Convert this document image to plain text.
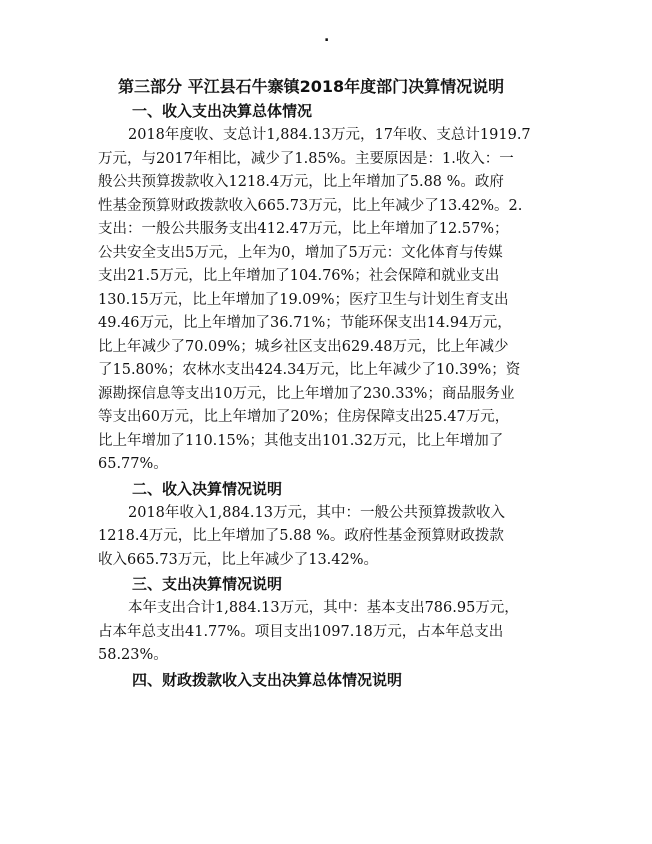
.
第三部分 平江县石牛寨镇2018年度部门决算情况说明
一、收入支出决算总体情况

2018年度收、支总计1,884.13万元，17年收、支总计1919.7
万元，与2017年相比，减少了1.85%。主要原因是：1.收入：一
般公共预算拨款收入1218.4万元，比上年增加了5.88 %。政府
性基金预算财政拨款收入665.73万元，比上年减少了13.42%。2.
支出：一般公共服务支出412.47万元，比上年增加了12.57%；
公共安全支出5万元，上年为0，增加了5万元：文化体育与传媒
支出21.5万元，比上年增加了104.76%；社会保障和就业支出
130.15万元，比上年增加了19.09%；医疗卫生与计划生育支出
49.46万元，比上年增加了36.71%；节能环保支出14.94万元，
比上年减少了70.09%；城乡社区支出629.48万元，比上年减少
了15.80%；农林水支出424.34万元，比上年减少了10.39%；资
源勘探信息等支出10万元，比上年增加了230.33%；商品服务业
等支出60万元，比上年增加了20%；住房保障支出25.47万元，
比上年增加了110.15%；其他支出101.32万元，比上年增加了
65.77%。

二、收入决算情况说明

2018年收入1,884.13万元，其中：一般公共预算拨款收入
1218.4万元，比上年增加了5.88 %。政府性基金预算财政拨款
收入665.73万元，比上年减少了13.42%。

三、支出决算情况说明

本年支出合计1,884.13万元，其中：基本支出786.95万元，
占本年总支出41.77%。项目支出1097.18万元，占本年总支出
58.23%。

四、财政拨款收入支出决算总体情况说明
